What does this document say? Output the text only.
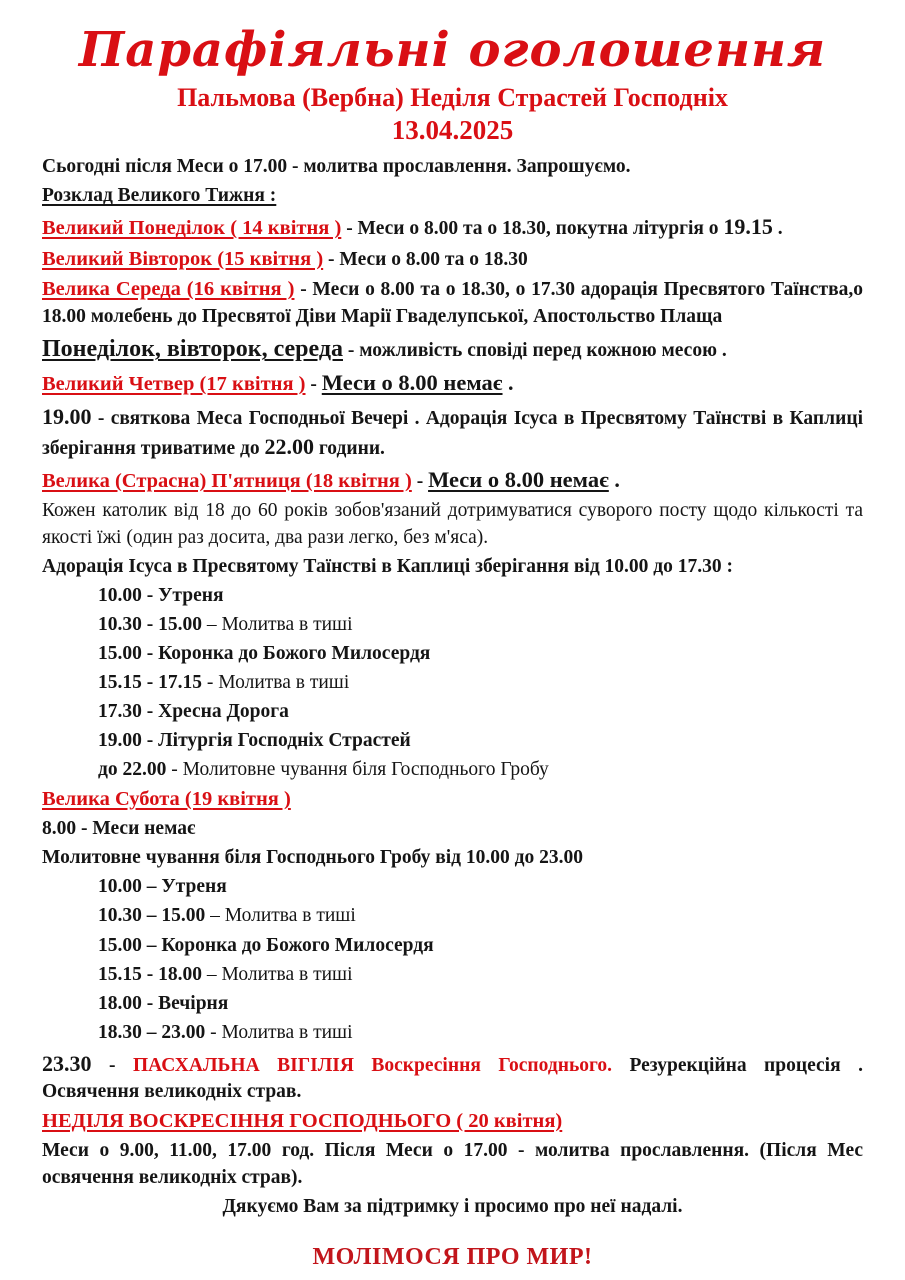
Парафіяльні оголошення
Пальмова (Вербна) Неділя Страстей Господніх
13.04.2025

Сьогодні після Меси о 17.00 - молитва прославлення. Запрошуємо.

Розклад Великого Тижня :

Великий Понеділок ( 14 квітня ) - Меси о 8.00 та о 18.30, покутна літургія о 19.15 .

Великий Вівторок (15 квітня ) - Меси о 8.00 та о 18.30

Велика Середа (16 квітня ) - Меси о 8.00 та о 18.30, о 17.30 адорація Пресвятого Таїнства,о 18.00 молебень до Пресвятої Діви Марії Гваделупської, Апостольство Плаща

Понеділок, вівторок, середа - можливість сповіді перед кожною месою .

Великий Четвер (17 квітня ) - Меси о 8.00 немає .

19.00 - святкова Меса Господньої Вечері . Адорація Ісуса в Пресвятому Таїнстві в Каплиці зберігання триватиме до 22.00 години.

Велика (Страсна) П'ятниця (18 квітня ) - Меси о 8.00 немає .

Кожен католик від 18 до 60 років зобов'язаний дотримуватися суворого посту щодо кількості та якості їжі (один раз досита, два рази легко, без м'яса).

Адорація Ісуса в Пресвятому Таїнстві в Каплиці зберігання від 10.00 до 17.30 :

10.00 - Утреня

10.30 - 15.00 – Молитва в тиші

15.00 - Коронка до Божого Милосердя

15.15 - 17.15 - Молитва в тиші

17.30 - Хресна Дорога

19.00 - Літургія Господніх Страстей

до 22.00 - Молитовне чування біля Господнього Гробу

Велика Субота (19 квітня )

8.00 - Меси немає

Молитовне чування біля Господнього Гробу від 10.00 до 23.00

10.00 – Утреня

10.30 – 15.00 – Молитва в тиші

15.00 – Коронка до Божого Милосердя

15.15 - 18.00 – Молитва в тиші

18.00 - Вечірня

18.30 – 23.00 - Молитва в тиші

23.30 - ПАСХАЛЬНА ВІГІЛІЯ Воскресіння Господнього. Резурекційна процесія . Освячення великодніх страв.

НЕДІЛЯ ВОСКРЕСІННЯ ГОСПОДНЬОГО ( 20 квітня)

Меси о 9.00, 11.00, 17.00 год. Після Меси о 17.00 - молитва прославлення. (Після Мес освячення великодніх страв).

Дякуємо Вам за підтримку і просимо про неї надалі.

МОЛІМОСЯ ПРО МИР!
